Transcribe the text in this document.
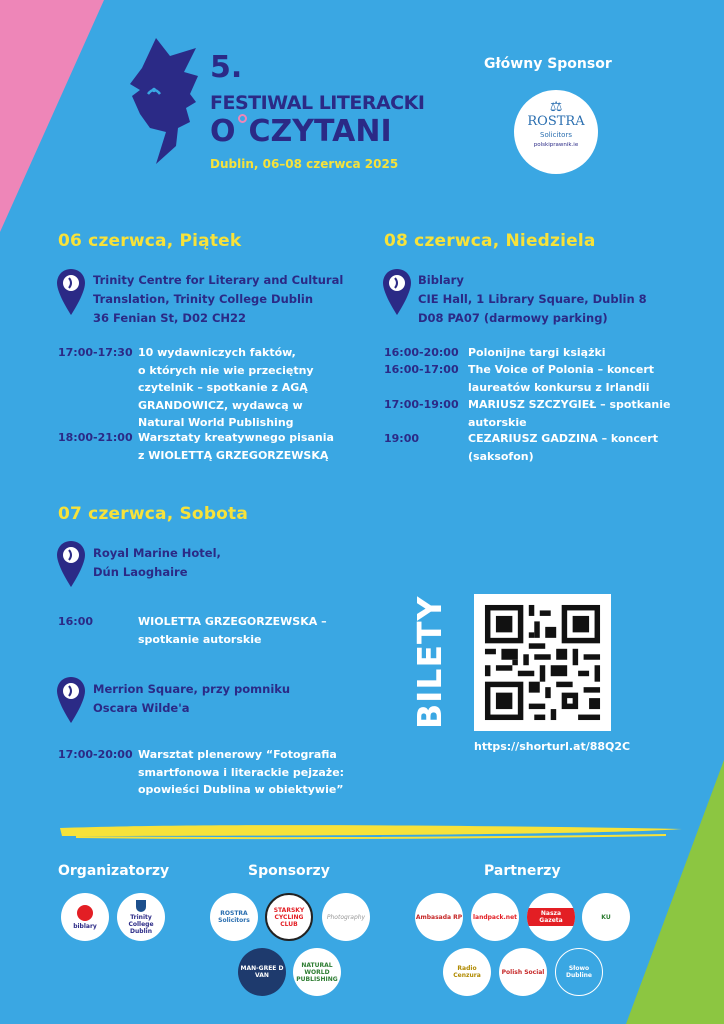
5.
FESTIWAL LITERACKI
O CZYTANI
Dublin, 06–08 czerwca 2025
Główny Sponsor
⚖
ROSTRA
Solicitors
polskiprawnik.ie
06 czerwca, Piątek
Trinity Centre for Literary and Cultural
Translation, Trinity College Dublin
36 Fenian St, D02 CH22
17:00-17:30 10 wydawniczych faktów,
o których nie wie przeciętny
czytelnik – spotkanie z AGĄ
GRANDOWICZ, wydawcą w
Natural World Publishing
18:00-21:00 Warsztaty kreatywnego pisania
z WIOLETTĄ GRZEGORZEWSKĄ
08 czerwca, Niedziela
Biblary
CIE Hall, 1 Library Square, Dublin 8
D08 PA07 (darmowy parking)
16:00-20:00 Polonijne targi książki
16:00-17:00 The Voice of Polonia – koncert
laureatów konkursu z Irlandii
17:00-19:00 MARIUSZ SZCZYGIEŁ – spotkanie
autorskie
19:00	CEZARIUSZ GADZINA – koncert
(saksofon)
07 czerwca, Sobota
Royal Marine Hotel,
Dún Laoghaire
16:00	WIOLETTA GRZEGORZEWSKA –
spotkanie autorskie
Merrion Square, przy pomniku
Oscara Wilde'a
17:00-20:00 Warsztat plenerowy “Fotografia
smartfonowa i literackie pejzaże:
opowieści Dublina w obiektywie”
BILETY
https://shorturl.at/88Q2C
Organizatorzy	Sponsorzy	Partnerzy
biblary
Trinity College Dublin
ROSTRA Solicitors
STARSKY CYCLING CLUB
Photography
MAN-GREE D VAN
NATURAL WORLD PUBLISHING
Ambasada RP landpack.net	Nasza Gazeta	KU
Radio Cenzura	Polish Social	Słowo Dubline
